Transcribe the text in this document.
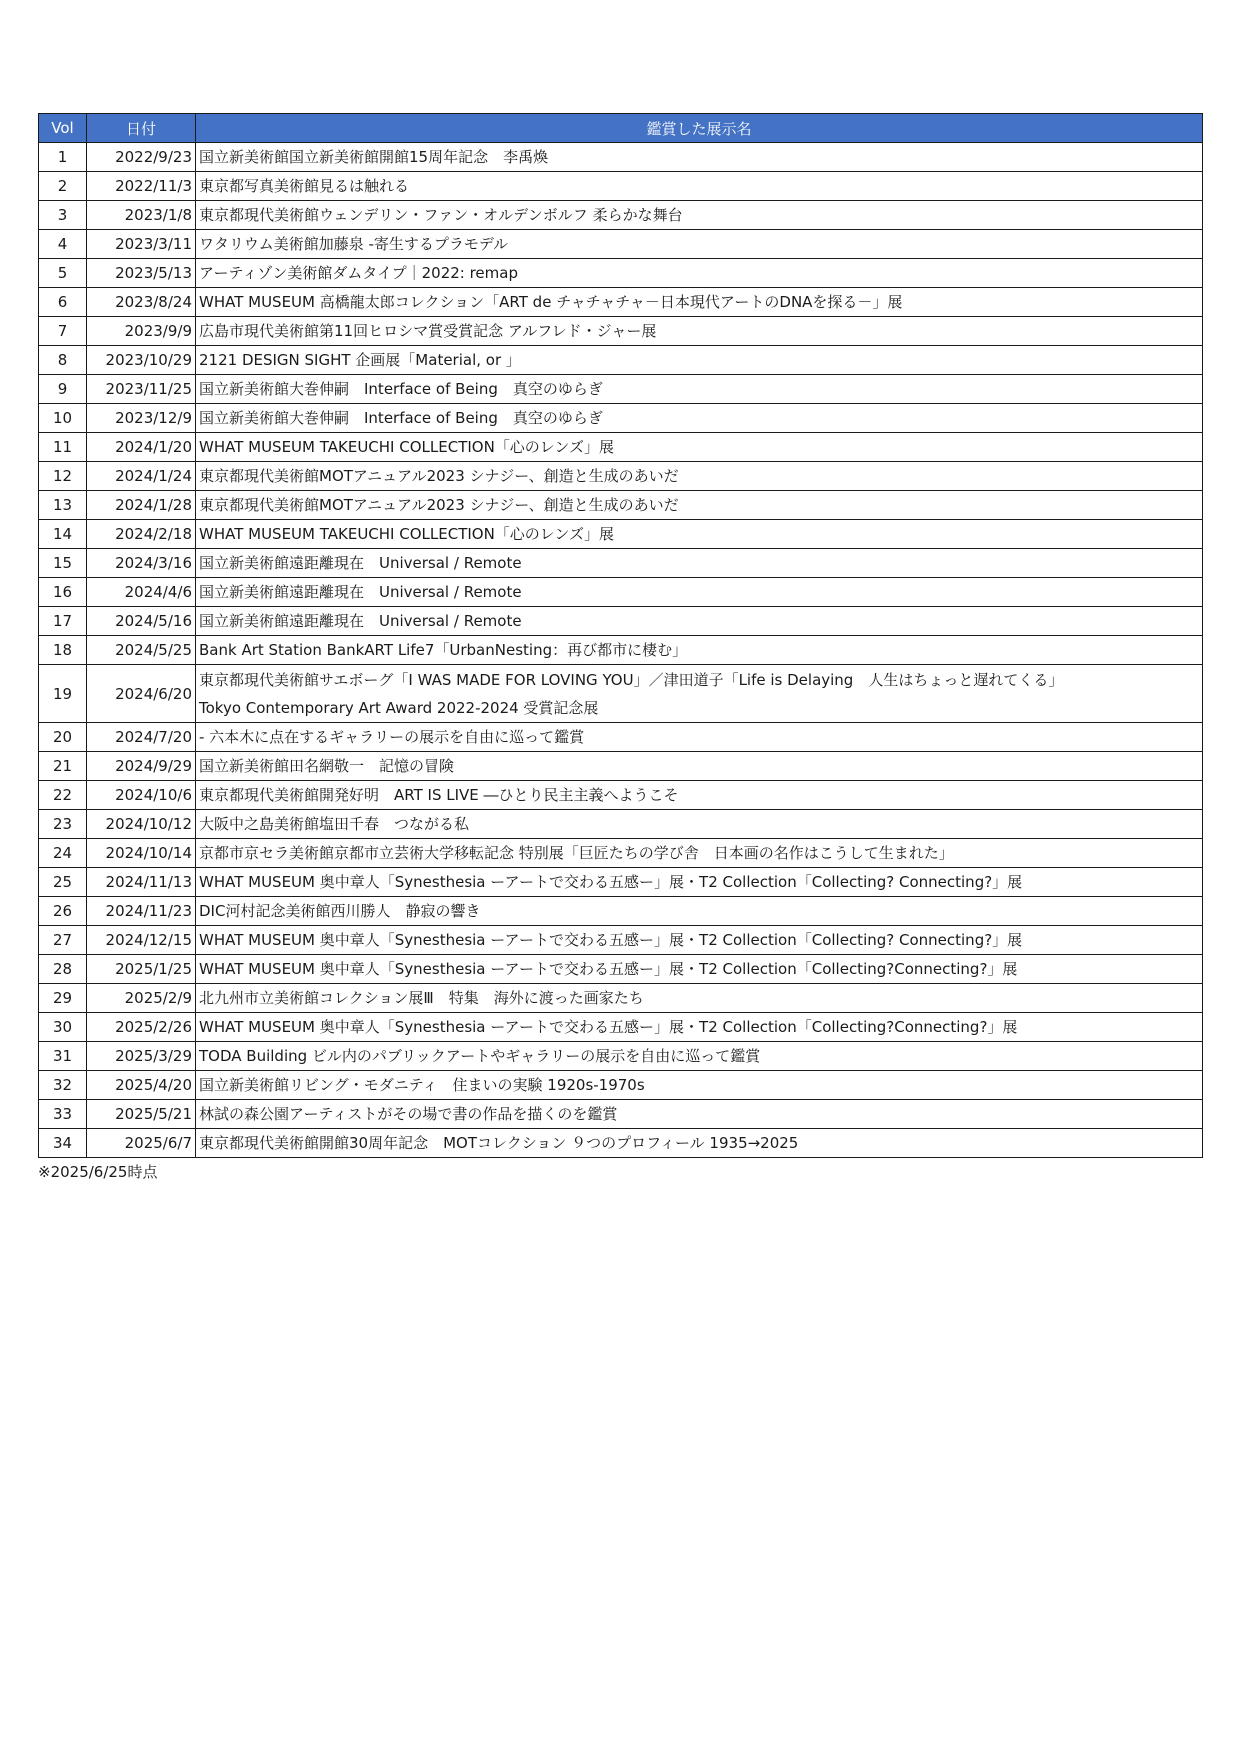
Vol	日付	鑑賞した展示名
1	2022/9/23	国立新美術館国立新美術館開館15周年記念　李禹煥

2	2022/11/3	東京都写真美術館見るは触れる

3	2023/1/8	東京都現代美術館ウェンデリン・ファン・オルデンボルフ 柔らかな舞台

4	2023/3/11	ワタリウム美術館加藤泉 -寄生するプラモデル

5	2023/5/13	アーティゾン美術館ダムタイプ｜2022: remap

6	2023/8/24	WHAT MUSEUM 高橋龍太郎コレクション「ART de チャチャチャ－日本現代アートのDNAを探る－」展

7	2023/9/9	広島市現代美術館第11回ヒロシマ賞受賞記念 アルフレド・ジャー展

8	2023/10/29	2121 DESIGN SIGHT 企画展「Material, or 」

9	2023/11/25	国立新美術館大巻伸嗣　Interface of Being　真空のゆらぎ

10	2023/12/9	国立新美術館大巻伸嗣　Interface of Being　真空のゆらぎ

11	2024/1/20	WHAT MUSEUM TAKEUCHI COLLECTION「心のレンズ」展

12	2024/1/24	東京都現代美術館MOTアニュアル2023 シナジー、創造と生成のあいだ

13	2024/1/28	東京都現代美術館MOTアニュアル2023 シナジー、創造と生成のあいだ

14	2024/2/18	WHAT MUSEUM TAKEUCHI COLLECTION「心のレンズ」展

15	2024/3/16	国立新美術館遠距離現在　Universal / Remote

16	2024/4/6	国立新美術館遠距離現在　Universal / Remote

17	2024/5/16	国立新美術館遠距離現在　Universal / Remote

18	2024/5/25	Bank Art Station BankART Life7「UrbanNesting：再び都市に棲む」

19	2024/6/20	東京都現代美術館サエボーグ「I WAS MADE FOR LOVING YOU」／津田道子「Life is Delaying　人生はちょっと遅れてくる」
Tokyo Contemporary Art Award 2022-2024 受賞記念展

20	2024/7/20	- 六本木に点在するギャラリーの展示を自由に巡って鑑賞

21	2024/9/29	国立新美術館田名網敬一　記憶の冒険

22	2024/10/6	東京都現代美術館開発好明　ART IS LIVE ―ひとり民主主義へようこそ

23	2024/10/12	大阪中之島美術館塩田千春　つながる私

24	2024/10/14	京都市京セラ美術館京都市立芸術大学移転記念 特別展「巨匠たちの学び舎　日本画の名作はこうして生まれた」

25	2024/11/13	WHAT MUSEUM 奥中章人「Synesthesia ーアートで交わる五感ー」展・T2 Collection「Collecting? Connecting?」展

26	2024/11/23	DIC河村記念美術館西川勝人　静寂の響き

27	2024/12/15	WHAT MUSEUM 奥中章人「Synesthesia ーアートで交わる五感ー」展・T2 Collection「Collecting? Connecting?」展

28	2025/1/25	WHAT MUSEUM 奥中章人「Synesthesia ーアートで交わる五感ー」展・T2 Collection「Collecting?Connecting?」展

29	2025/2/9	北九州市立美術館コレクション展Ⅲ　特集　海外に渡った画家たち

30	2025/2/26	WHAT MUSEUM 奥中章人「Synesthesia ーアートで交わる五感ー」展・T2 Collection「Collecting?Connecting?」展

31	2025/3/29	TODA Building ビル内のパブリックアートやギャラリーの展示を自由に巡って鑑賞

32	2025/4/20	国立新美術館リビング・モダニティ　住まいの実験 1920s-1970s

33	2025/5/21	林試の森公園アーティストがその場で書の作品を描くのを鑑賞

34	2025/6/7	東京都現代美術館開館30周年記念　MOTコレクション ９つのプロフィール 1935→2025
※2025/6/25時点
